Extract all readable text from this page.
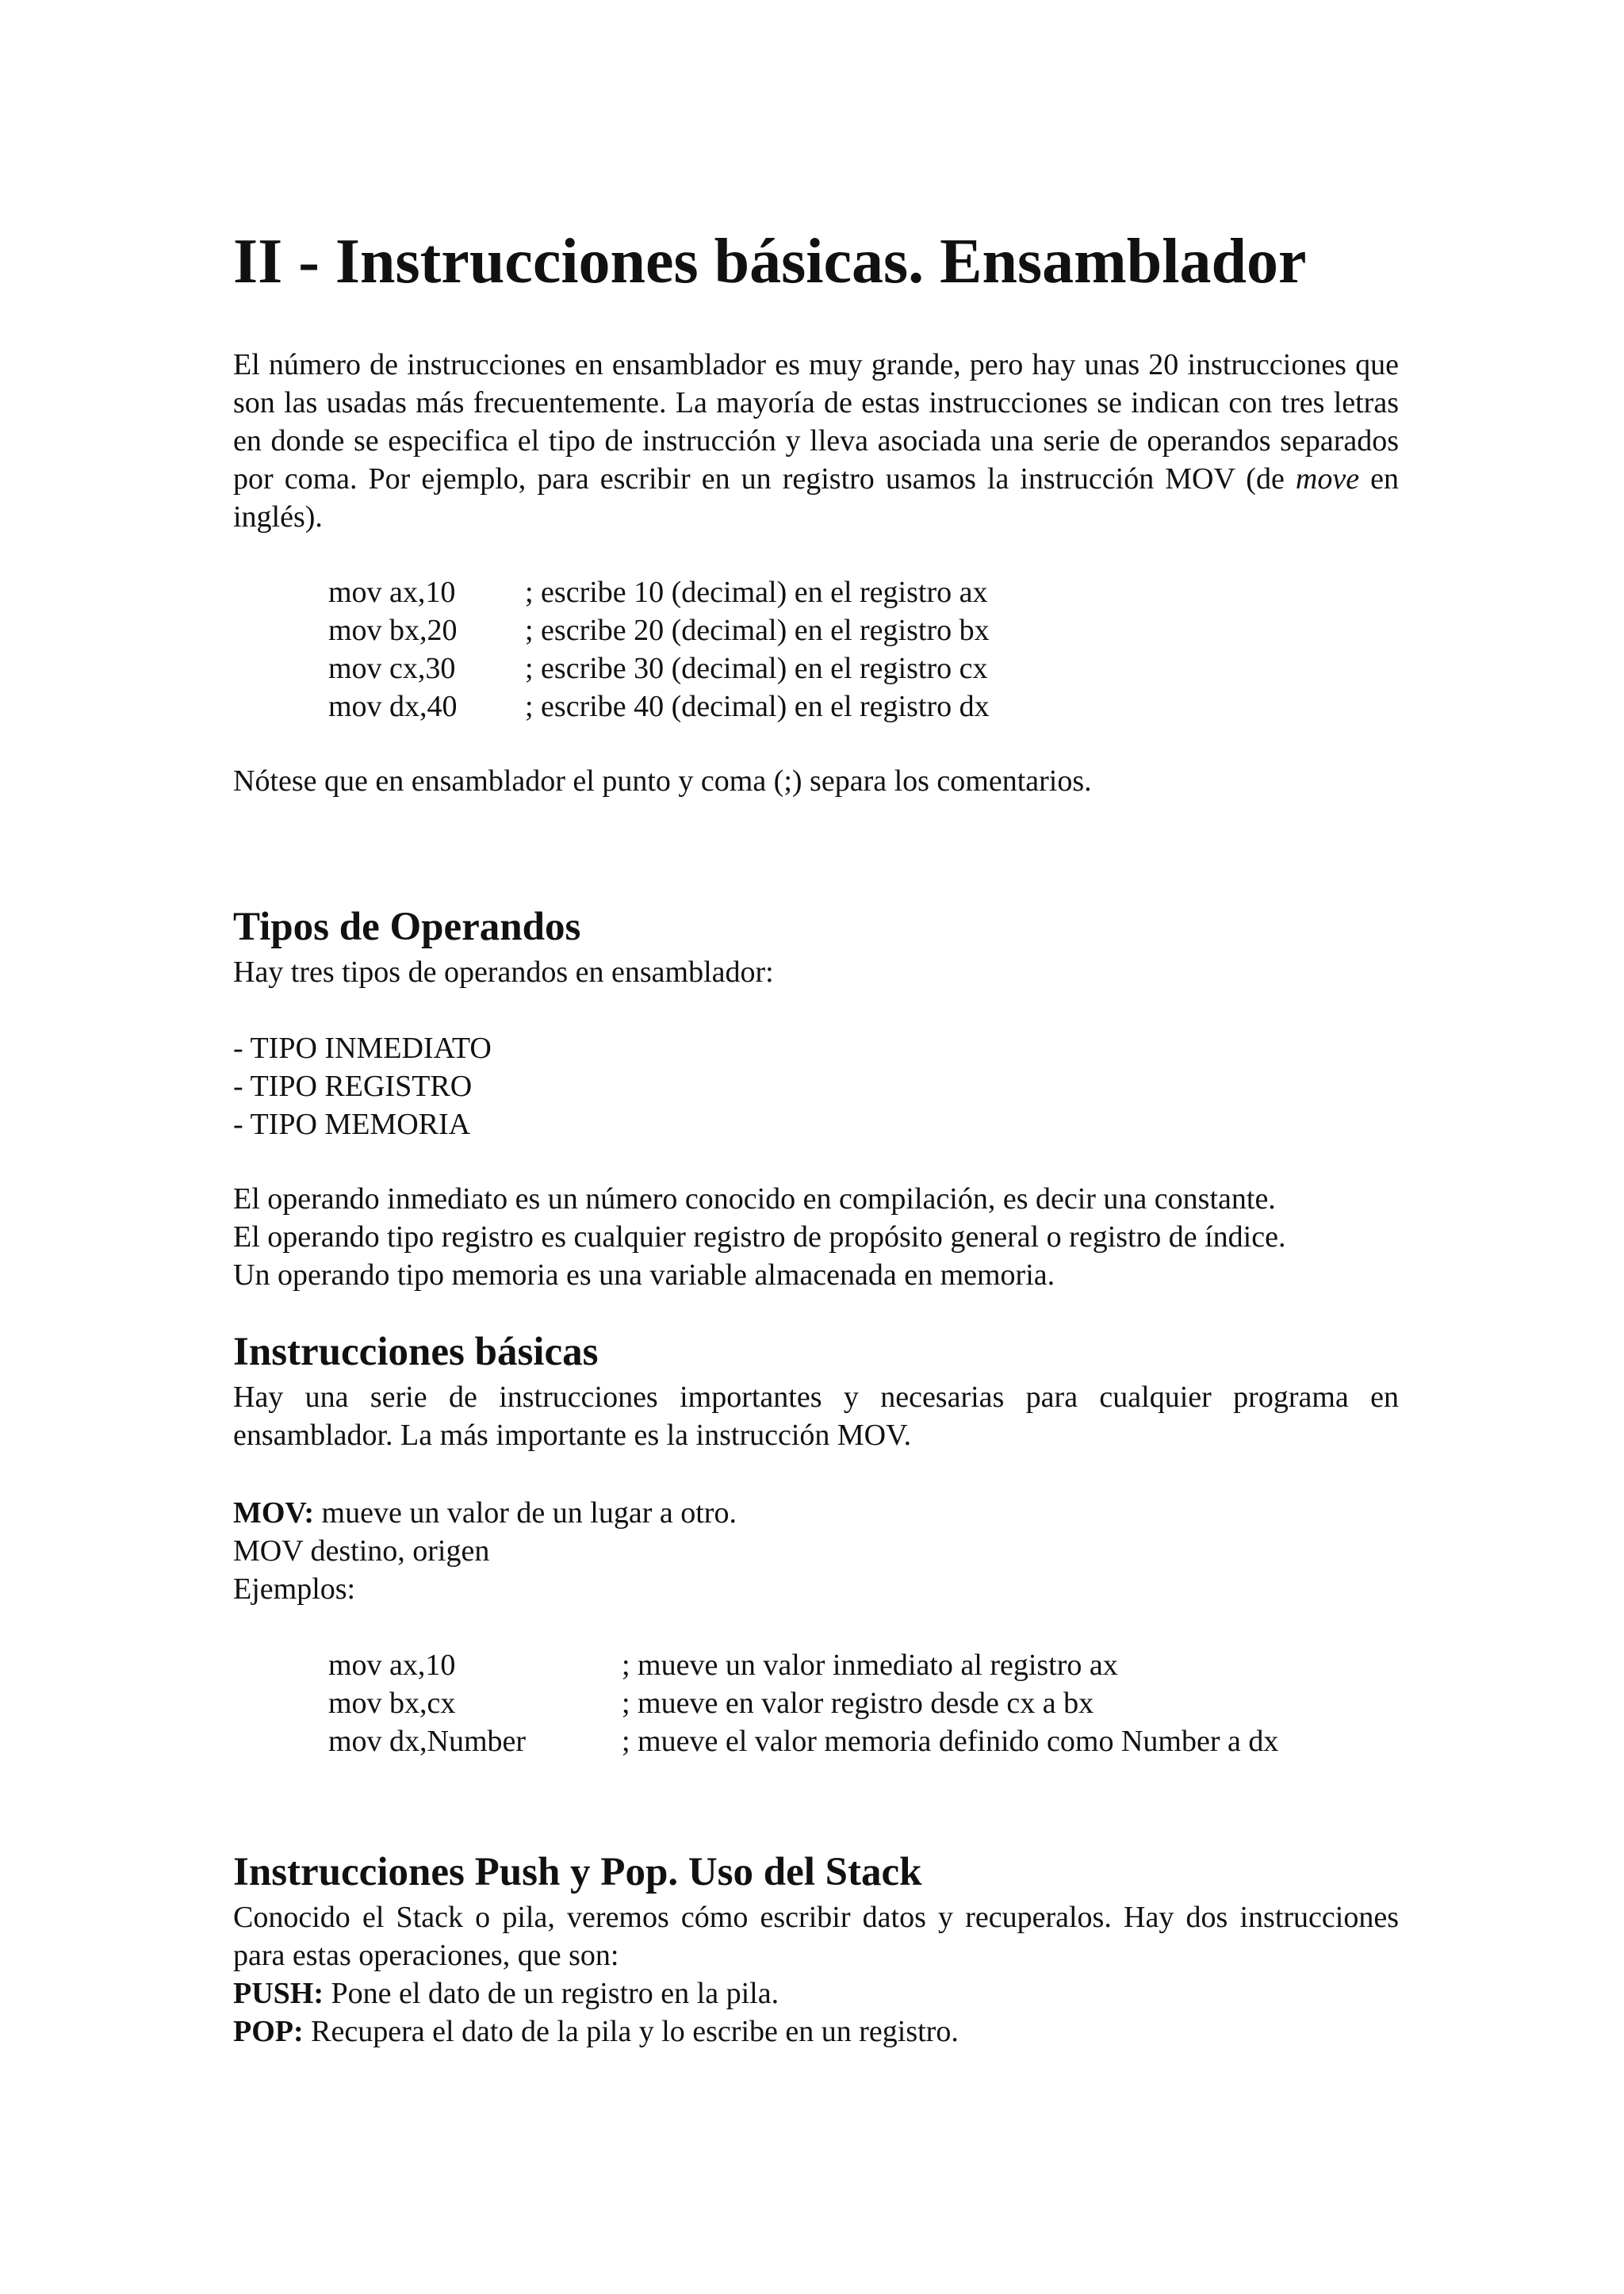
II - Instrucciones básicas. Ensamblador

El número de instrucciones en ensamblador es muy grande, pero hay unas 20 instrucciones que son las usadas más frecuentemente. La mayoría de estas instrucciones se indican con tres letras en donde se especifica el tipo de instrucción y lleva asociada una serie de operandos separados por coma. Por ejemplo, para escribir en un registro usamos la instrucción MOV (de move en inglés).

mov ax,10 ; escribe 10 (decimal) en el registro ax
mov bx,20 ; escribe 20 (decimal) en el registro bx
mov cx,30 ; escribe 30 (decimal) en el registro cx
mov dx,40 ; escribe 40 (decimal) en el registro dx

Nótese que en ensamblador el punto y coma (;) separa los comentarios.

Tipos de Operandos

Hay tres tipos de operandos en ensamblador:

- TIPO INMEDIATO
- TIPO REGISTRO
- TIPO MEMORIA

El operando inmediato es un número conocido en compilación, es decir una constante.

El operando tipo registro es cualquier registro de propósito general o registro de índice.

Un operando tipo memoria es una variable almacenada en memoria.

Instrucciones básicas

Hay una serie de instrucciones importantes y necesarias para cualquier programa en ensamblador. La más importante es la instrucción MOV.

MOV: mueve un valor de un lugar a otro.

MOV destino, origen

Ejemplos:

mov ax,10	; mueve un valor inmediato al registro ax
mov bx,cx	; mueve en valor registro desde cx a bx
mov dx,Number	; mueve el valor memoria definido como Number a dx
Instrucciones Push y Pop. Uso del Stack

Conocido el Stack o pila, veremos cómo escribir datos y recuperalos. Hay dos instrucciones para estas operaciones, que son:

PUSH: Pone el dato de un registro en la pila.

POP: Recupera el dato de la pila y lo escribe en un registro.
